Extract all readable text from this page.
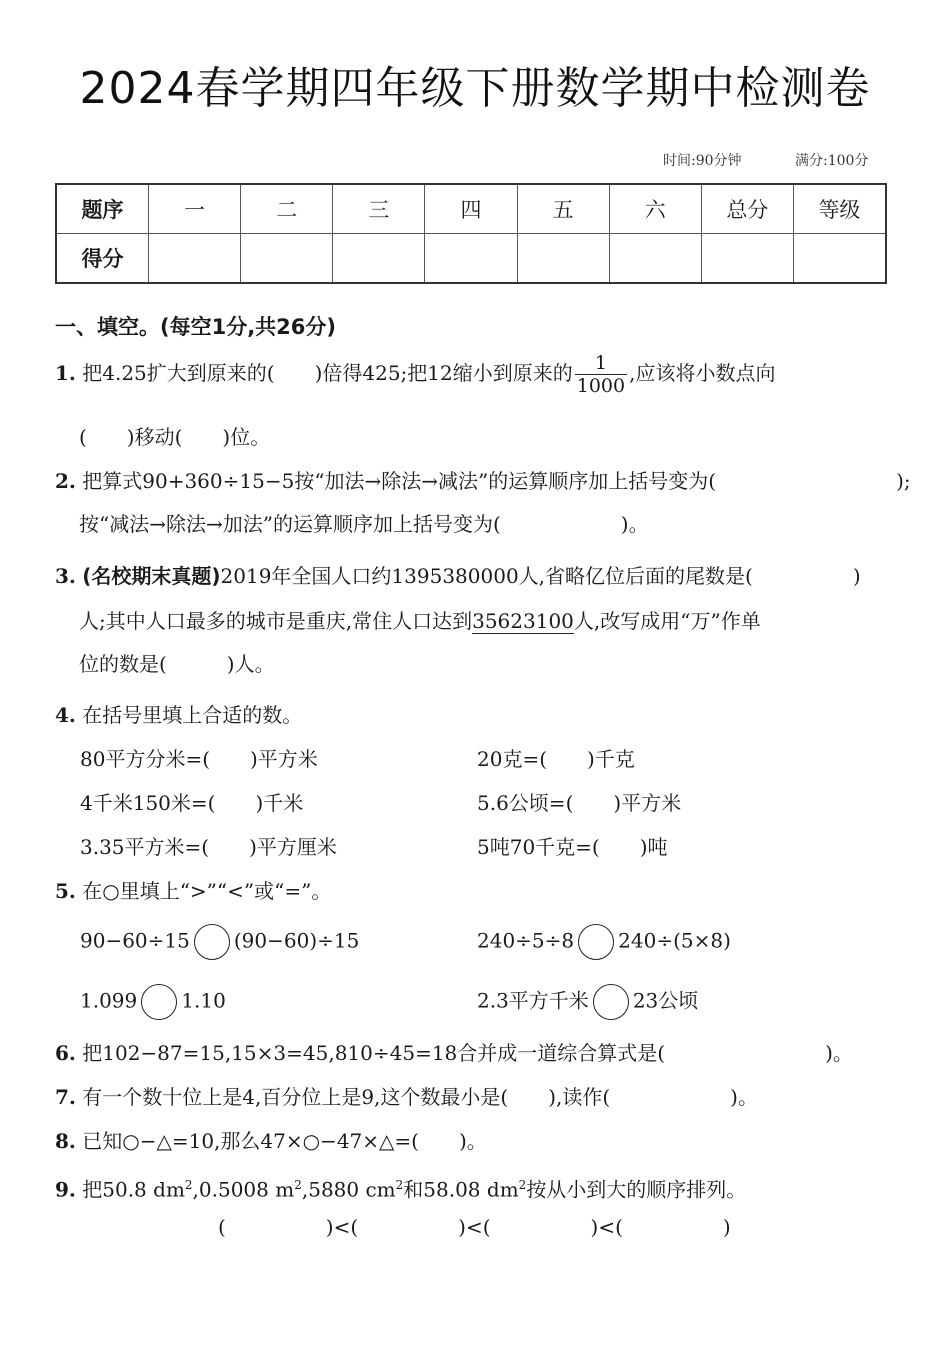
2024春学期四年级下册数学期中检测卷
时间:90分钟	满分:100分
题序	一	二	三	四	五	六	总分	等级
得分								
一、填空。(每空1分,共26分)
1. 把4.25扩大到原来的(　　)倍得425;把12缩小到原来的 $\frac{1}{1000}$ ,应该将小数点向
(　　)移动(　　)位。
2. 把算式90+360÷15−5按“加法→除法→减法”的运算顺序加上括号变为(　　　　　　　　　);
按“减法→除法→加法”的运算顺序加上括号变为(　　　　　　)。
3. (名校期末真题)2019年全国人口约1395380000人,省略亿位后面的尾数是(　　　　　)
人;其中人口最多的城市是重庆,常住人口达到35623100人,改写成用“万”作单
位的数是(　　　)人。
4. 在括号里填上合适的数。
80平方分米=(　　)平方米	20克=(　　)千克
4千米150米=(　　)千米	5.6公顷=(　　)平方米
3.35平方米=(　　)平方厘米	5吨70千克=(　　)吨
5. 在○里填上“>”“<”或“=”。
90−60÷15 (90−60)÷15	240÷5÷8 240÷(5×8)
1.099 1.10	2.3平方千米 23公顷
6. 把102−87=15,15×3=45,810÷45=18合并成一道综合算式是(　　　　　　　　)。
7. 有一个数十位上是4,百分位上是9,这个数最小是(　　),读作(　　　　　　)。
8. 已知○−△=10,那么47×○−47×△=(　　)。
9. 把50.8 $dm^2,0.5008$ $m^2,5880$ $cm^2$和58.08 $dm^2$按从小到大的顺序排列。
(　　　　　)<(　　　　　)<(　　　　　)<(　　　　　)
